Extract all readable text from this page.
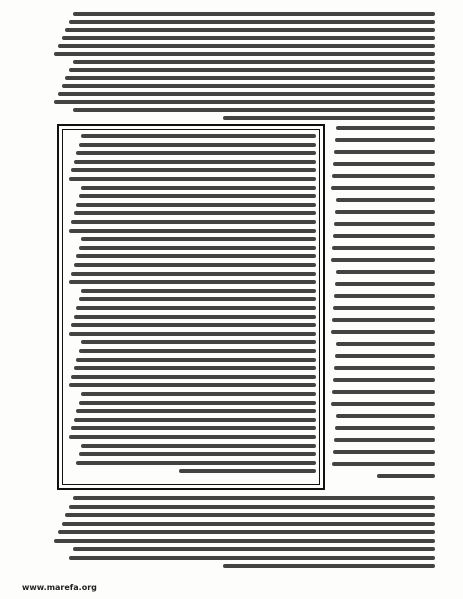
www.marefa.org
